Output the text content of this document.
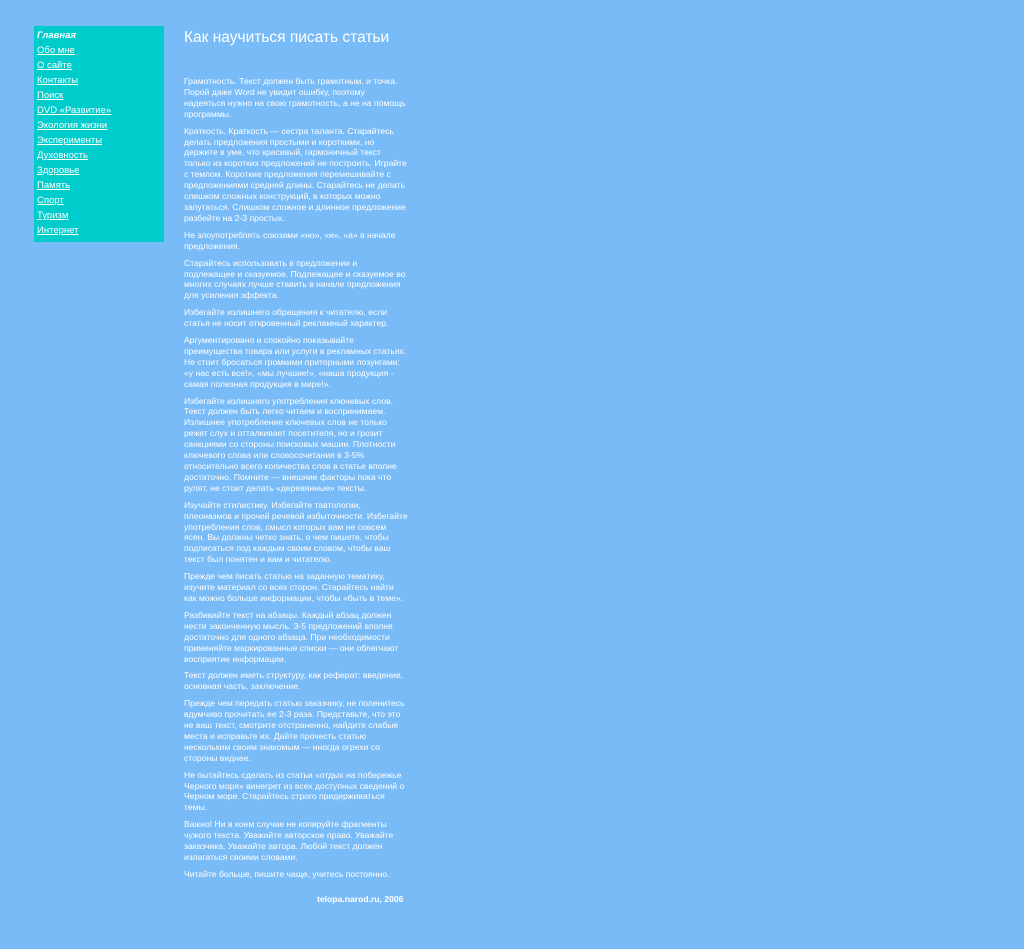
Главная
Обо мне
О сайте
Контакты
Поиск
DVD «Развитие»
Экология жизни
Эксперименты
Духовность
Здоровье
Память
Спорт
Туризм
Интернет
Как научиться писать статьи

Грамотность. Текст должен быть грамотным, и точка. Порой даже Word не увидит ошибку, поэтому надеяться нужно на свою грамотность, а не на помощь программы.

Краткость. Краткость — сестра таланта. Старайтесь делать предложения простыми и короткими, но держите в уме, что красивый, гармоничный текст только из коротких предложений не построить. Играйте с темпом. Короткие предложения перемешивайте с предложениями средней длины. Старайтесь не делать слишком сложных конструкций, в которых можно запутаться. Слишком сложное и длинное предложение разбейте на 2-3 простых.

Не злоупотреблять союзами «но», «и», «а» в начале предложения.

Старайтесь использовать в предложении и подлежащее и сказуемое. Подлежащее и сказуемое во многих случаях лучше ставить в начале предложения для усиления эффекта.

Избегайте излишнего обращения к читателю, если статья не носит откровенный рекламный характер.

Аргументировано и спокойно показывайте преимущества товара или услуги в рекламных статьях. Не стоит бросаться громкими приторными лозунгами: «у нас есть все!», «мы лучшие!», «наша продукция - самая полезная продукция в мире!».

Избегайте излишнего употребления ключевых слов. Текст должен быть легко читаем и воспринимаем. Излишнее употребление ключевых слов не только режет слух и отталкивает посетителя, но и грозит санкциями со стороны поисковых машин. Плотности ключевого слова или словосочетания в 3-5% относительно всего количества слов в статье вполне достаточно. Помните — внешние факторы пока что рулят, не стоит делать «деревянные» тексты.

Изучайте стилистику. Избегайте тавтологии, плеоназмов и прочей речевой избыточности. Избегайте употребления слов, смысл которых вам не совсем ясен. Вы должны четко знать, о чем пишете, чтобы подписаться под каждым своим словом, чтобы ваш текст был понятен и вам и читателю.

Прежде чем писать статью на заданную тематику, изучите материал со всех сторон. Старайтесь найти как можно больше информации, чтобы «быть в теме».

Разбивайте текст на абзацы. Каждый абзац должен нести законченную мысль. 3-5 предложений вполне достаточно для одного абзаца. При необходимости применяйте маркированные списки — они облегчают восприятие информации.

Текст должен иметь структуру, как реферат: введение, основная часть, заключение.

Прежде чем передать статью заказчику, не поленитесь вдумчиво прочитать ее 2-3 раза. Представьте, что это не ваш текст, смотрите отстраненно, найдите слабые места и исправьте их. Дайте прочесть статью нескольким своим знакомым — иногда огрехи со стороны виднее.

Не пытайтесь сделать из статьи «отдых на побережье Черного моря» винегрет из всех доступных сведений о Черном море. Старайтесь строго придерживаться темы.

Важно! Ни в коем случае не копируйте фрагменты чужого текста. Уважайте авторское право. Уважайте заказчика. Уважайте автора. Любой текст должен излагаться своими словами.

Читайте больше, пишите чаще, учитесь постоянно.

telopa.narod.ru, 2006
